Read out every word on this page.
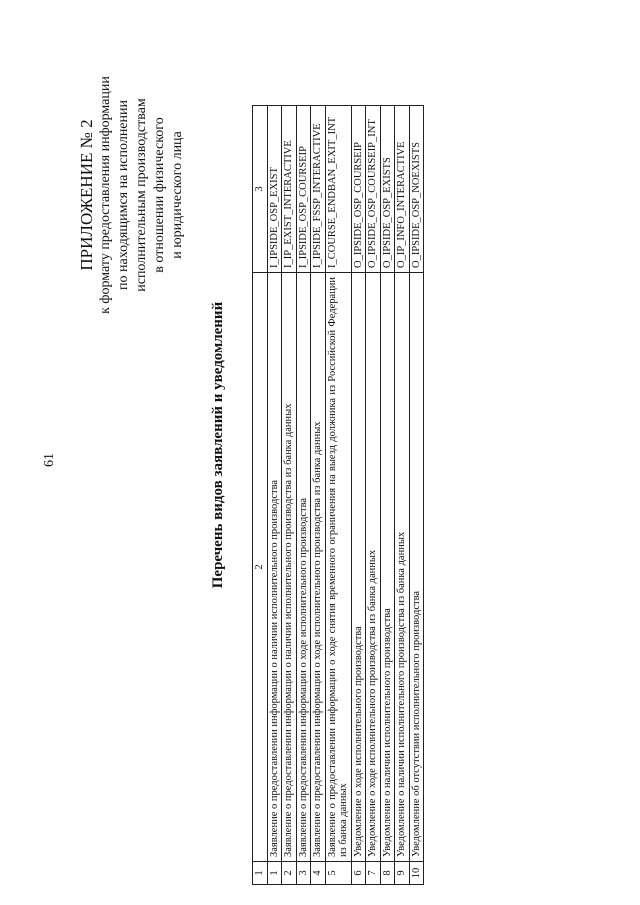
61
ПРИЛОЖЕНИЕ № 2 к формату предоставления информации по находящимся на исполнении исполнительным производствам в отношении физического и юридического лица
Перечень видов заявлений и уведомлений
1	2	3
1	Заявление о предоставлении информации о наличии исполнительного производства	I_IPSIDE_OSP_EXIST
2	Заявление о предоставлении информации о наличии исполнительного производства из банка данных	I_IP_EXIST_INTERACTIVE
3	Заявление о предоставлении информации о ходе исполнительного производства	I_IPSIDE_OSP_COURSEIP
4	Заявление о предоставлении информации о ходе исполнительного производства из банка данных	I_IPSIDE_FSSP_INTERACTIVE
5	Заявление о предоставлении информации о ходе снятия временного ограничения на выезд должника из Российской Федерации из банка данных	I_COURSE_ENDBAN_EXIT_INT
6	Уведомление о ходе исполнительного производства	O_IPSIDE_OSP_COURSEIP
7	Уведомление о ходе исполнительного производства из банка данных	O_IPSIDE_OSP_COURSEIP_INT
8	Уведомление о наличии исполнительного производства	O_IPSIDE_OSP_EXISTS
9	Уведомление о наличии исполнительного производства из банка данных	O_IP_INFO_INTERACTIVE
10	Уведомление об отсутствии исполнительного производства	O_IPSIDE_OSP_NOEXISTS
